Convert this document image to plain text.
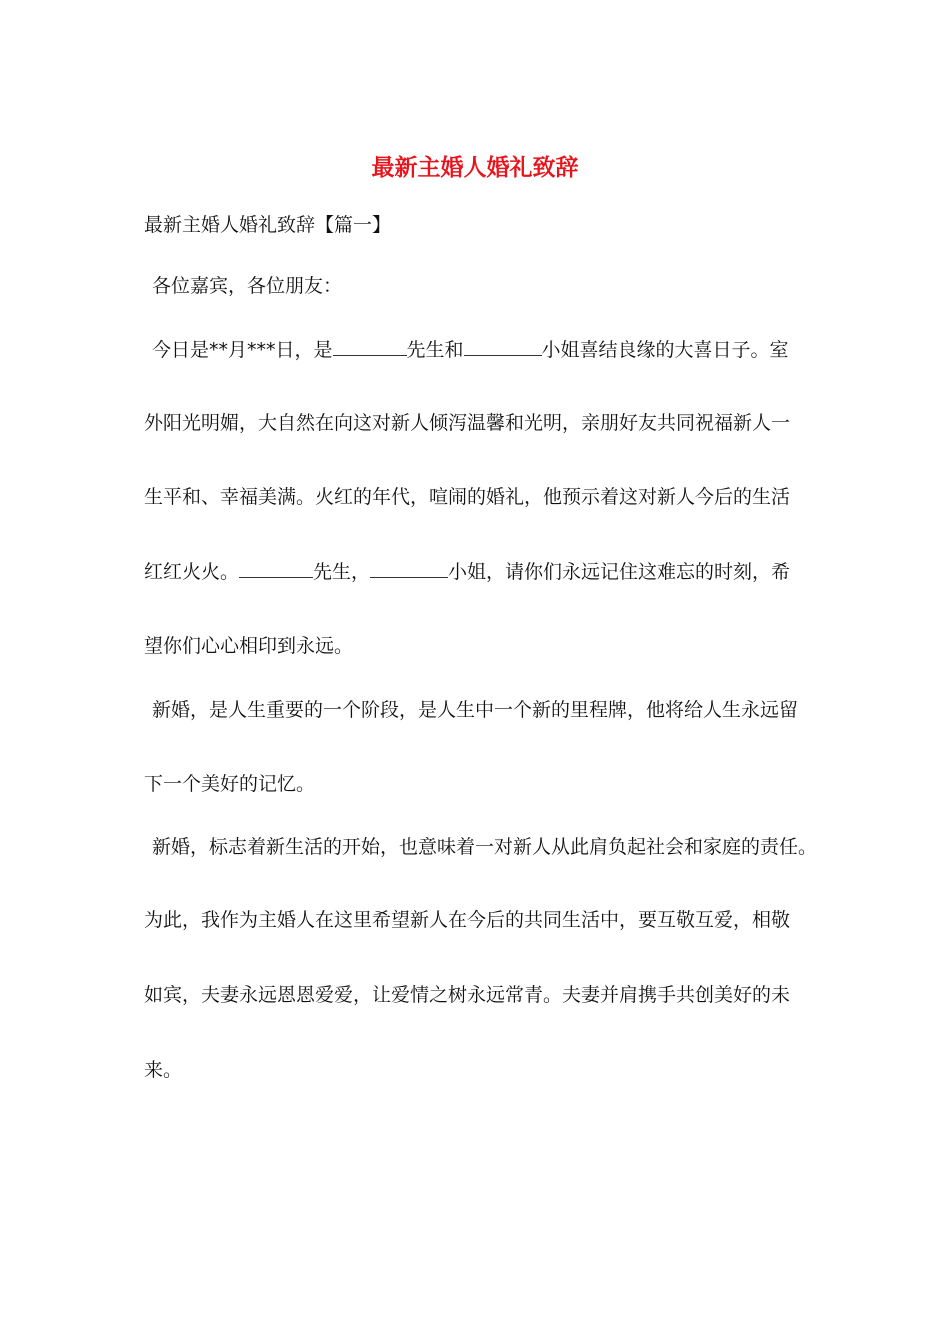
最新主婚人婚礼致辞
最新主婚人婚礼致辞【篇一】
各位嘉宾，各位朋友：
今日是**月***日，是	先生和	小姐喜结良缘的大喜日子。室
外阳光明媚，大自然在向这对新人倾泻温馨和光明，亲朋好友共同祝福新人一
生平和、幸福美满。火红的年代，喧闹的婚礼，他预示着这对新人今后的生活
红红火火。	先生，	小姐，请你们永远记住这难忘的时刻，希
望你们心心相印到永远。
新婚，是人生重要的一个阶段，是人生中一个新的里程牌，他将给人生永远留
下一个美好的记忆。
新婚，标志着新生活的开始，也意味着一对新人从此肩负起社会和家庭的责任。
为此，我作为主婚人在这里希望新人在今后的共同生活中，要互敬互爱，相敬
如宾，夫妻永远恩恩爱爱，让爱情之树永远常青。夫妻并肩携手共创美好的未
来。
